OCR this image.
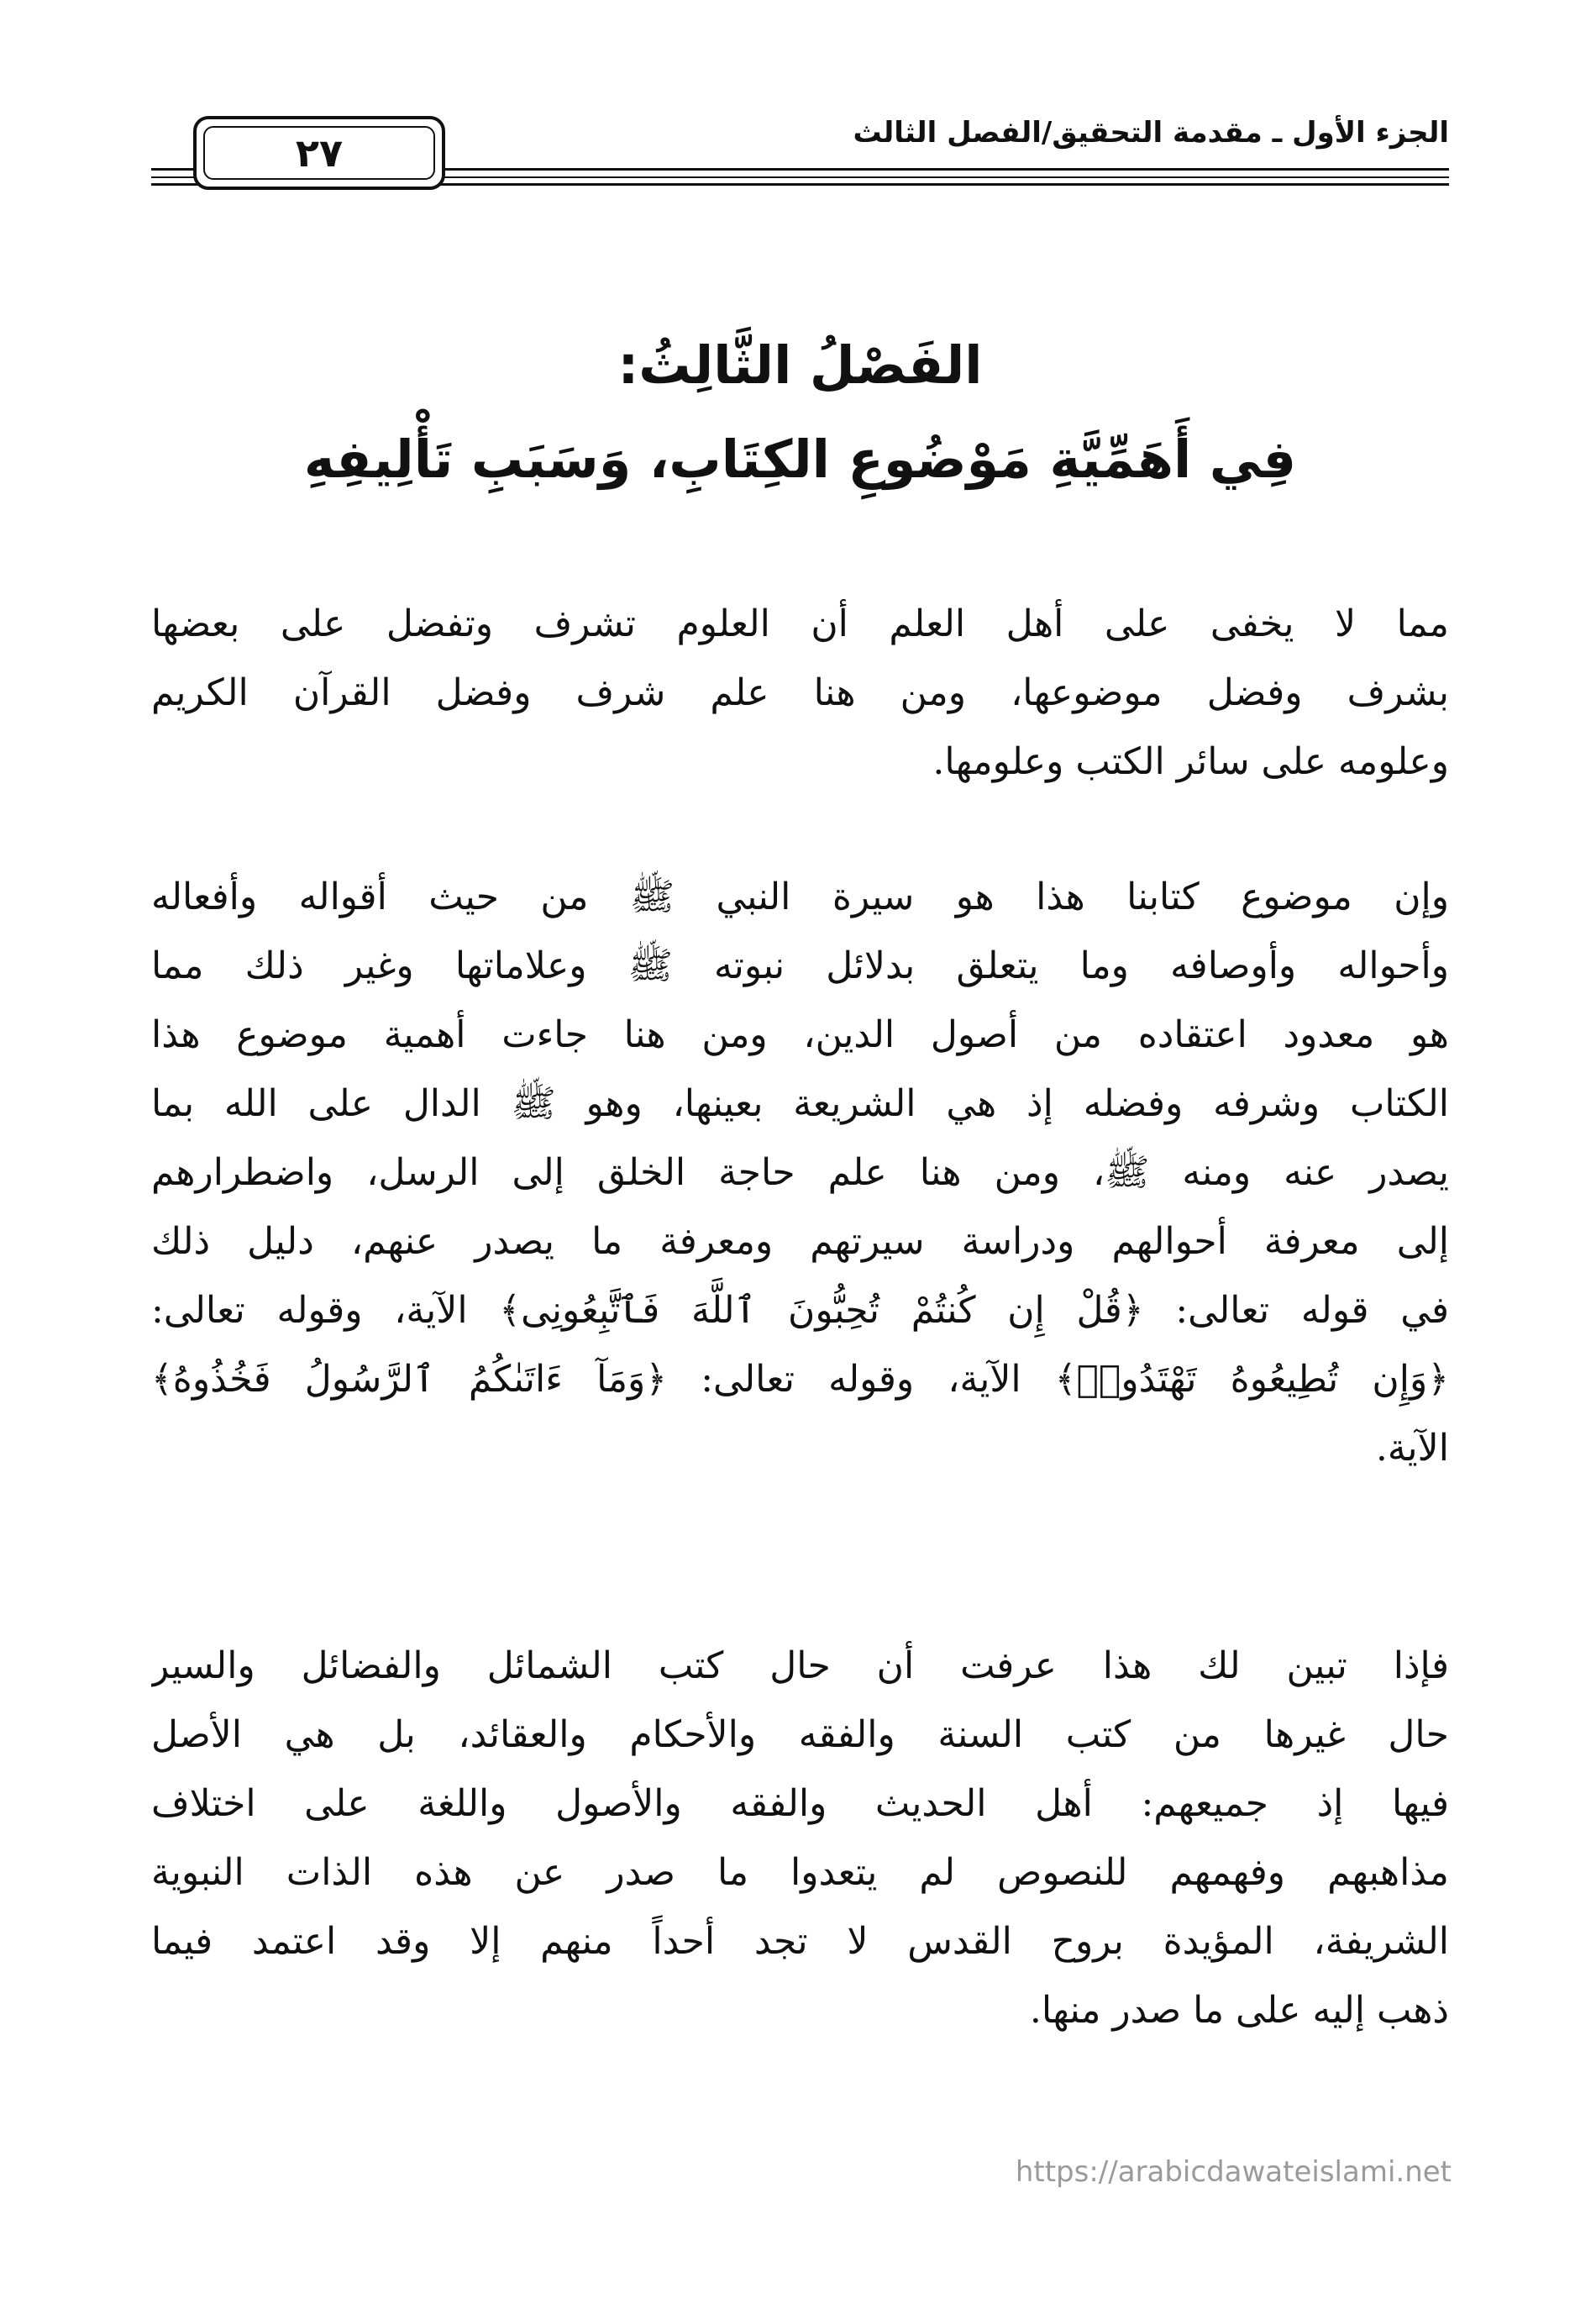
الجزء الأول ـ مقدمة التحقيق/الفصل الثالث
٢٧
الفَصْلُ الثَّالِثُ:
فِي أَهَمِّيَّةِ مَوْضُوعِ الكِتَابِ، وَسَبَبِ تَأْلِيفِهِ
مما لا يخفى على أهل العلم أن العلوم تشرف وتفضل على بعضها
بشرف وفضل موضوعها، ومن هنا علم شرف وفضل القرآن الكريم
وعلومه على سائر الكتب وعلومها.
وإن موضوع كتابنا هذا هو سيرة النبي ﷺ من حيث أقواله وأفعاله
وأحواله وأوصافه وما يتعلق بدلائل نبوته ﷺ وعلاماتها وغير ذلك مما
هو معدود اعتقاده من أصول الدين، ومن هنا جاءت أهمية موضوع هذا
الكتاب وشرفه وفضله إذ هي الشريعة بعينها، وهو ﷺ الدال على الله بما
يصدر عنه ومنه ﷺ، ومن هنا علم حاجة الخلق إلى الرسل، واضطرارهم
إلى معرفة أحوالهم ودراسة سيرتهم ومعرفة ما يصدر عنهم، دليل ذلك
في قوله تعالى: ﴿قُلْ إِن كُنتُمْ تُحِبُّونَ ٱللَّهَ فَٱتَّبِعُونِى﴾ الآية، وقوله تعالى:
﴿وَإِن تُطِيعُوهُ تَهْتَدُوا۟﴾ الآية، وقوله تعالى: ﴿وَمَآ ءَاتَىٰكُمُ ٱلرَّسُولُ فَخُذُوهُ﴾
الآية.
فإذا تبين لك هذا عرفت أن حال كتب الشمائل والفضائل والسير
حال غيرها من كتب السنة والفقه والأحكام والعقائد، بل هي الأصل
فيها إذ جميعهم: أهل الحديث والفقه والأصول واللغة على اختلاف
مذاهبهم وفهمهم للنصوص لم يتعدوا ما صدر عن هذه الذات النبوية
الشريفة، المؤيدة بروح القدس لا تجد أحداً منهم إلا وقد اعتمد فيما
ذهب إليه على ما صدر منها.
https://arabicdawateislami.net
